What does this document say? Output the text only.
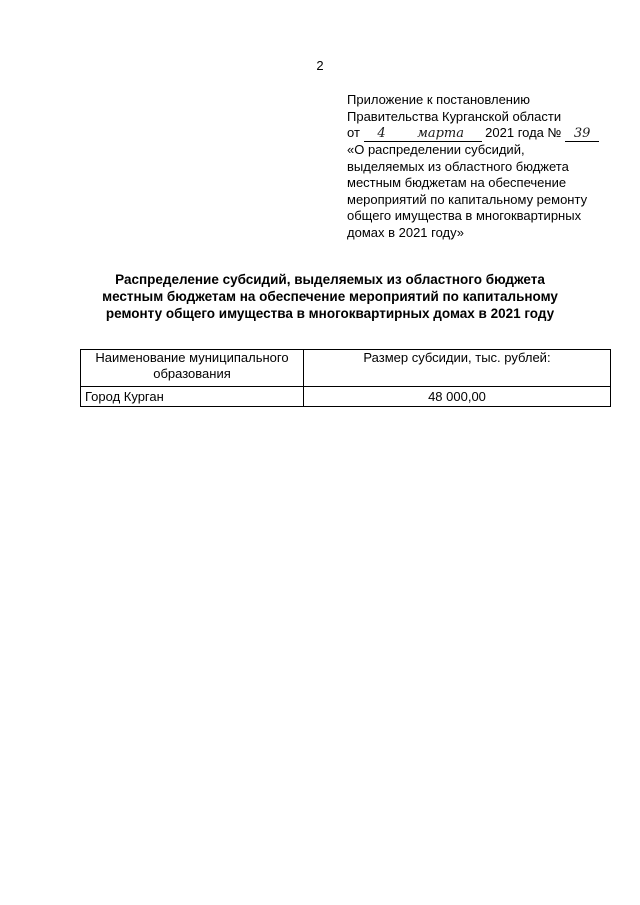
2
Приложение к постановлению
Правительства Курганской области
от 4 марта 2021 года № 39
«О распределении субсидий,
выделяемых из областного бюджета
местным бюджетам на обеспечение
мероприятий по капитальному ремонту
общего имущества в многоквартирных
домах в 2021 году»
Распределение субсидий, выделяемых из областного бюджета
местным бюджетам на обеспечение мероприятий по капитальному
ремонту общего имущества в многоквартирных домах в 2021 году
Наименование муниципального образования	Размер субсидии, тыс. рублей:
Город Курган	48 000,00
